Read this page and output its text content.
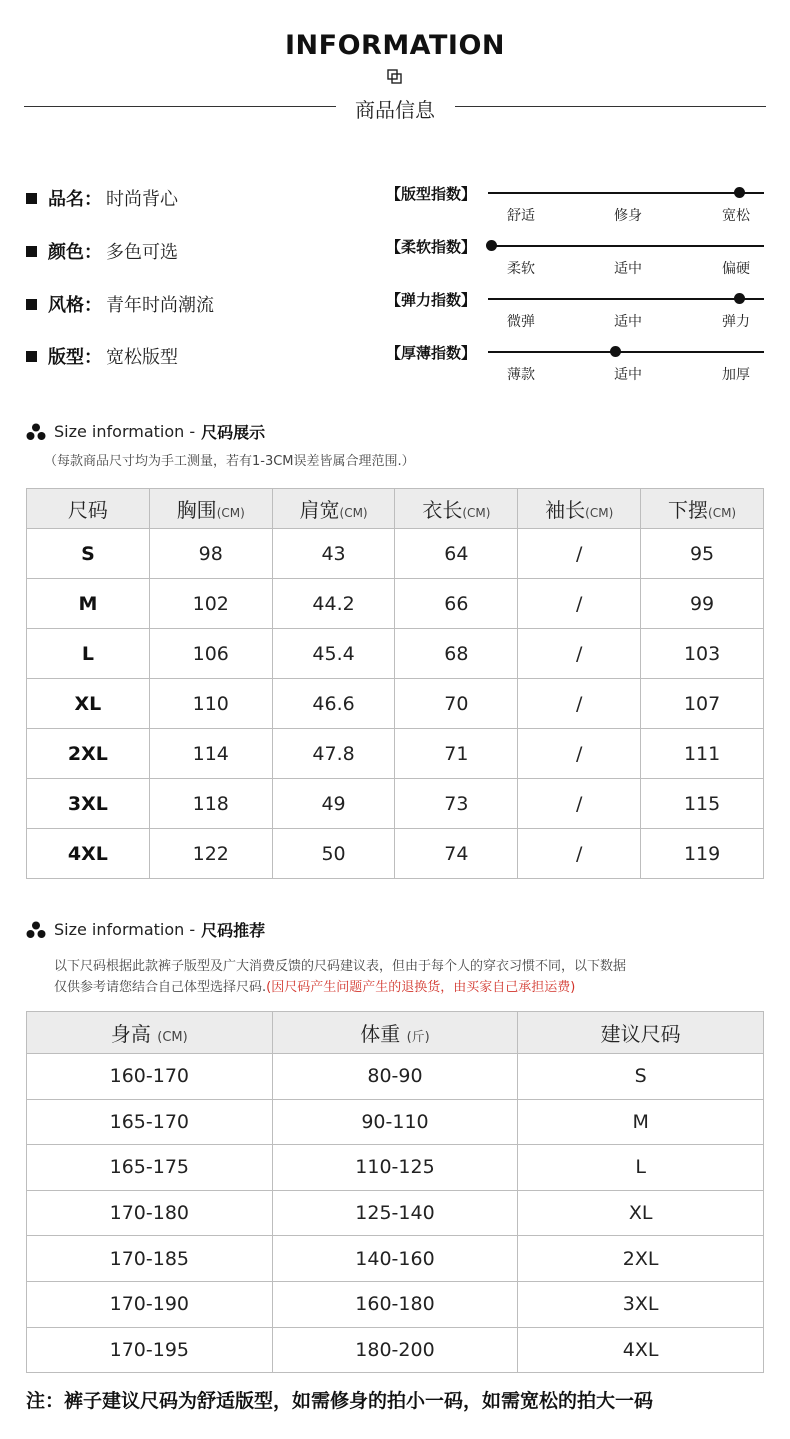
INFORMATION
商品信息
品名： 时尚背心
颜色： 多色可选
风格： 青年时尚潮流
版型： 宽松版型
【版型指数】
舒适	修身	宽松
【柔软指数】
柔软	适中	偏硬
【弹力指数】
微弹	适中	弹力
【厚薄指数】
薄款	适中	加厚
Size information - 尺码展示
（每款商品尺寸均为手工测量，若有1-3CM误差皆属合理范围.）
尺码	胸围(CM)	肩宽(CM)	衣长(CM)	袖长(CM)	下摆(CM)
S	98	43	64	/	95
M	102	44.2	66	/	99
L	106	45.4	68	/	103
XL	110	46.6	70	/	107
2XL	114	47.8	71	/	111
3XL	118	49	73	/	115
4XL	122	50	74	/	119
Size information - 尺码推荐
以下尺码根据此款裤子版型及广大消费反馈的尺码建议表，但由于每个人的穿衣习惯不同，以下数据
仅供参考请您结合自己体型选择尺码.(因尺码产生问题产生的退换货，由买家自己承担运费)
身高 (CM)	体重 (斤)	建议尺码
160-170	80-90	S
165-170	90-110	M
165-175	110-125	L
170-180	125-140	XL
170-185	140-160	2XL
170-190	160-180	3XL
170-195	180-200	4XL
注：裤子建议尺码为舒适版型，如需修身的拍小一码，如需宽松的拍大一码
